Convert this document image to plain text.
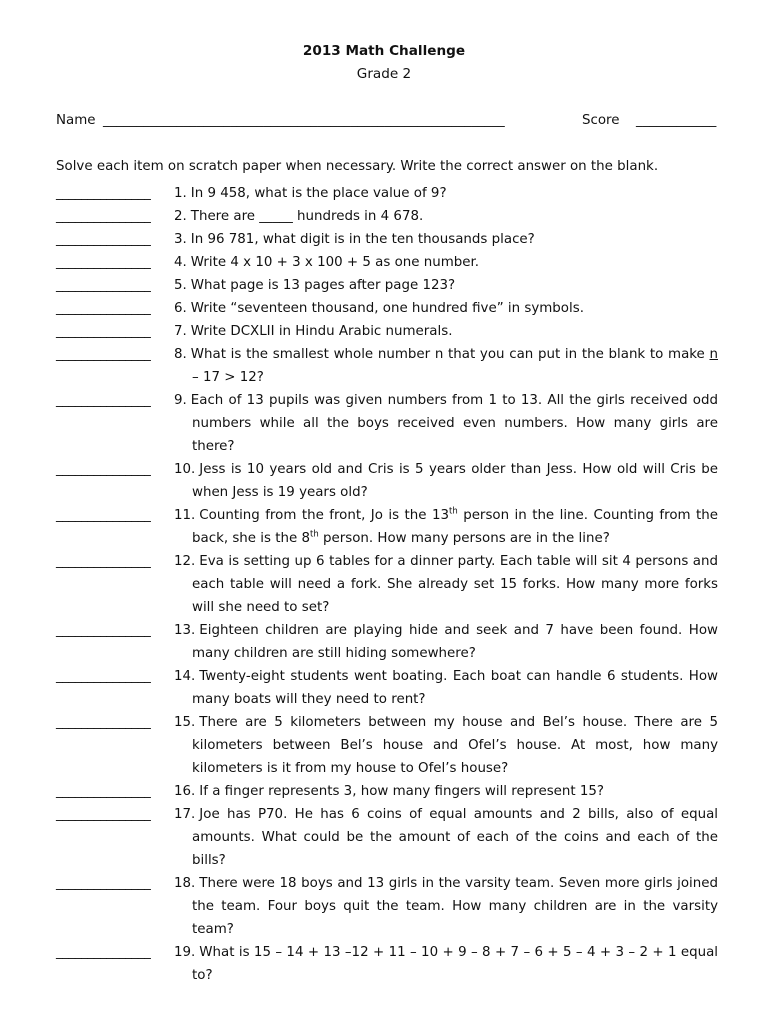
2013 Math Challenge
Grade 2
Name ____________________________________________________________	Score ____________
Solve each item on scratch paper when necessary. Write the correct answer on the blank.
_______________	1. In 9 458, what is the place value of 9?
_______________	2. There are _____ hundreds in 4 678.
_______________	3. In 96 781, what digit is in the ten thousands place?
_______________	4. Write 4 x 10 + 3 x 100 + 5 as one number.
_______________	5. What page is 13 pages after page 123?
_______________	6. Write “seventeen thousand, one hundred five” in symbols.
_______________	7. Write DCXLII in Hindu Arabic numerals.
_______________	8. What is the smallest whole number n that you can put in the blank to make n – 17 > 12?
_______________	9. Each of 13 pupils was given numbers from 1 to 13. All the girls received odd numbers while all the boys received even numbers. How many girls are there?
_______________	10. Jess is 10 years old and Cris is 5 years older than Jess. How old will Cris be when Jess is 19 years old?
_______________	11. Counting from the front, Jo is the 13th person in the line. Counting from the back, she is the 8th person. How many persons are in the line?
_______________	12. Eva is setting up 6 tables for a dinner party. Each table will sit 4 persons and each table will need a fork. She already set 15 forks. How many more forks will she need to set?
_______________	13. Eighteen children are playing hide and seek and 7 have been found. How many children are still hiding somewhere?
_______________	14. Twenty-eight students went boating. Each boat can handle 6 students. How many boats will they need to rent?
_______________	15. There are 5 kilometers between my house and Bel’s house. There are 5 kilometers between Bel’s house and Ofel’s house. At most, how many kilometers is it from my house to Ofel’s house?
_______________	16. If a finger represents 3, how many fingers will represent 15?
_______________	17. Joe has P70. He has 6 coins of equal amounts and 2 bills, also of equal amounts. What could be the amount of each of the coins and each of the bills?
_______________	18. There were 18 boys and 13 girls in the varsity team. Seven more girls joined the team. Four boys quit the team. How many children are in the varsity team?
_______________	19. What is 15 – 14 + 13 –12 + 11 – 10 + 9 – 8 + 7 – 6 + 5 – 4 + 3 – 2 + 1 equal to?
